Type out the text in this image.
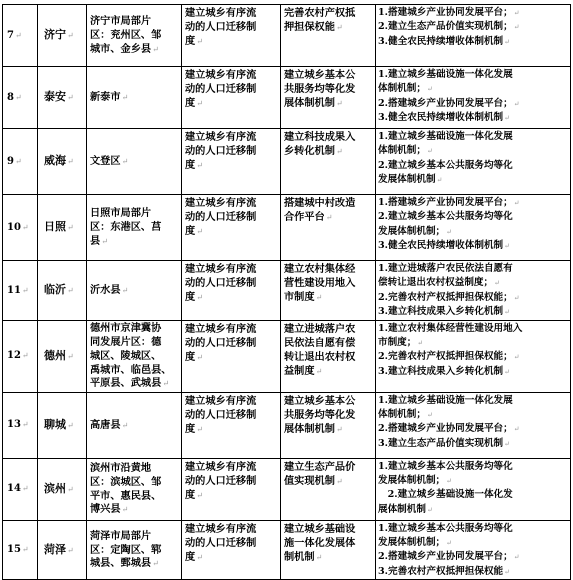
7↵	济宁↵	济宁市局部片
区：兖州区、邹
城市、金乡县↵	建立城乡有序流
动的人口迁移制
度↵	完善农村产权抵
押担保权能↵	1.搭建城乡产业协同发展平台；↵
2.建立生态产品价值实现机制；↵
3.健全农民持续增收体制机制↵

8↵	泰安↵	新泰市↵	建立城乡有序流
动的人口迁移制
度↵	建立城乡基本公
共服务均等化发
展体制机制↵	1.建立城乡基础设施一体化发展
体制机制；↵
2.搭建城乡产业协同发展平台；↵
3.健全农民持续增收体制机制↵

9↵	威海↵	文登区↵	建立城乡有序流
动的人口迁移制
度↵	建立科技成果入
乡转化机制↵	1.建立城乡基础设施一体化发展
体制机制；↵
2.建立城乡基本公共服务均等化
发展体制机制↵

10↵	日照↵	日照市局部片
区：东港区、莒
县↵	建立城乡有序流
动的人口迁移制
度↵	搭建城中村改造
合作平台↵	1.搭建城乡产业协同发展平台；↵
2.建立城乡基本公共服务均等化
发展体制机制；↵
3.健全农民持续增收体制机制↵

11↵	临沂↵	沂水县↵	建立城乡有序流
动的人口迁移制
度↵	建立农村集体经
营性建设用地入
市制度↵	1.建立进城落户农民依法自愿有
偿转让退出农村权益制度；↵
2.完善农村产权抵押担保权能；↵
3.建立科技成果入乡转化机制↵

12↵	德州↵	德州市京津冀协
同发展片区：德
城区、陵城区、
禹城市、临邑县、
平原县、武城县↵	建立城乡有序流
动的人口迁移制
度↵	建立进城落户农
民依法自愿有偿
转让退出农村权
益制度↵	1.建立农村集体经营性建设用地入
市制度；↵
2.完善农村产权抵押担保权能；↵
3.建立科技成果入乡转化机制↵

13↵	聊城↵	高唐县↵	建立城乡有序流
动的人口迁移制
度↵	建立城乡基本公
共服务均等化发
展体制机制↵	1.建立城乡基础设施一体化发展
体制机制；↵
2.搭建城乡产业协同发展平台；↵
3.建立生态产品价值实现机制↵

14↵	滨州↵	滨州市沿黄地
区：滨城区、邹
平市、惠民县、
博兴县↵	建立城乡有序流
动的人口迁移制
度↵	建立生态产品价
值实现机制↵	1.建立城乡基本公共服务均等化
发展体制机制；↵
　2.建立城乡基础设施一体化发
展体制机制↵

15↵	菏泽↵	菏泽市局部片
区：定陶区、郓
城县、鄄城县↵	建立城乡有序流
动的人口迁移制
度↵	建立城乡基础设
施一体化发展体
制机制↵	1.建立城乡基本公共服务均等化
发展体制机制；↵
2.搭建城乡产业协同发展平台；↵
3.完善农村产权抵押担保权能↵
